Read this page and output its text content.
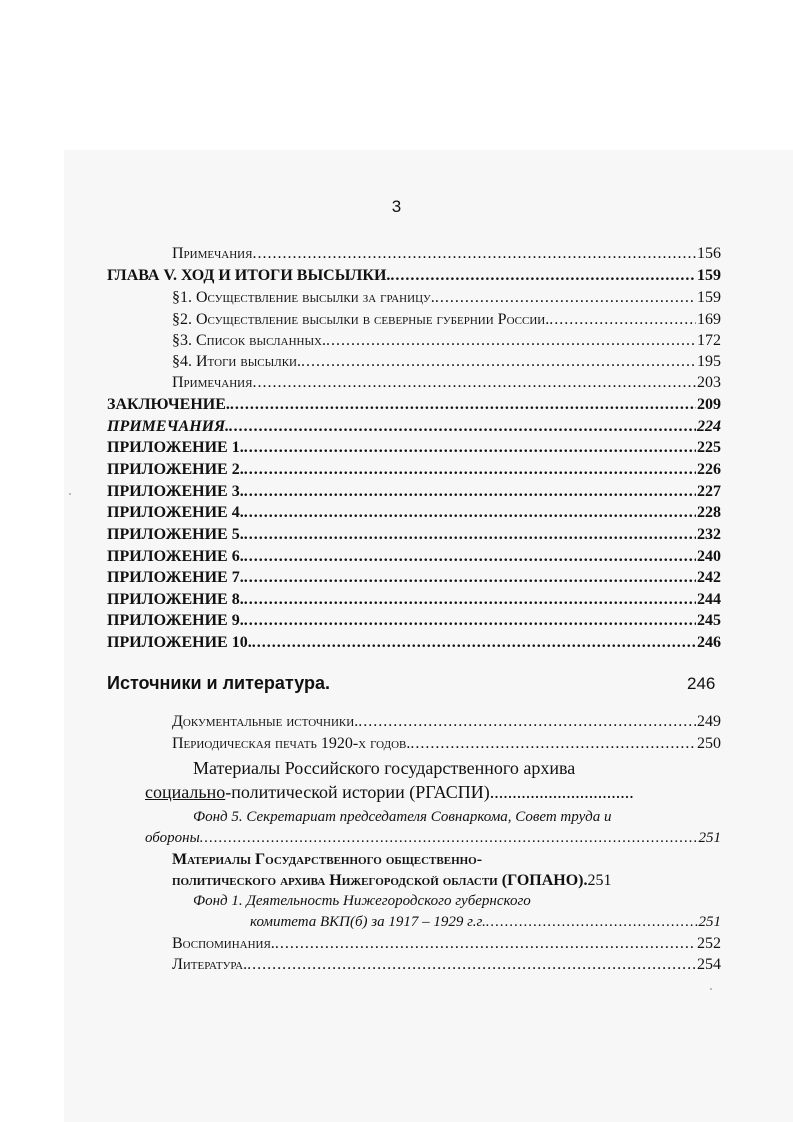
3
Примечания .....	156
ГЛАВА V. ХОД И ИТОГИ ВЫСЫЛКИ. .....	159
§1. Осуществление высылки за границу. .....	159
§2. Осуществление высылки в северные губернии России. .....	169
§3. Список высланных. .....	172
§4. Итоги высылки. .....	195
Примечания .....	203
ЗАКЛЮЧЕНИЕ. .....	209
ПРИМЕЧАНИЯ. .....	224
ПРИЛОЖЕНИЕ 1. .....	225
ПРИЛОЖЕНИЕ 2. .....	226
ПРИЛОЖЕНИЕ 3. .....	227
ПРИЛОЖЕНИЕ 4. .....	228
ПРИЛОЖЕНИЕ 5. .....	232
ПРИЛОЖЕНИЕ 6. .....	240
ПРИЛОЖЕНИЕ 7. .....	242
ПРИЛОЖЕНИЕ 8. .....	244
ПРИЛОЖЕНИЕ 9. .....	245
ПРИЛОЖЕНИЕ 10. .....	246
Источники и литература.	246
Документальные источники. .....	249
Периодическая печать 1920-х годов. .....	250
Материалы Российского государственного архива
социально-политической истории (РГАСПИ)................................
Фонд 5. Секретариат председателя Совнаркома, Совет труда и
обороны .....	251
Материалы Государственного общественно-
политического архива Нижегородской области (ГОПАНО).251
Фонд 1. Деятельность Нижегородского губернского
комитета ВКП(б) за 1917 – 1929 г.г. .....	251
Воспоминания. .....	252
Литература. .....	254
